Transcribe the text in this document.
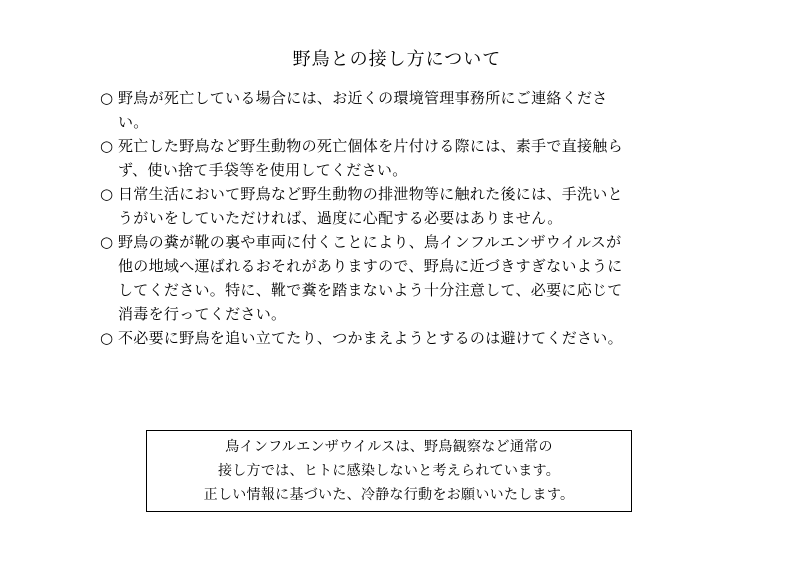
野鳥との接し方について
○ 野鳥が死亡している場合には、お近くの環境管理事務所にご連絡くださ
い。
○ 死亡した野鳥など野生動物の死亡個体を片付ける際には、素手で直接触ら
ず、使い捨て手袋等を使用してください。
○ 日常生活において野鳥など野生動物の排泄物等に触れた後には、手洗いと
うがいをしていただければ、過度に心配する必要はありません。
○ 野鳥の糞が靴の裏や車両に付くことにより、鳥インフルエンザウイルスが
他の地域へ運ばれるおそれがありますので、野鳥に近づきすぎないように
してください。特に、靴で糞を踏まないよう十分注意して、必要に応じて
消毒を行ってください。
○ 不必要に野鳥を追い立てたり、つかまえようとするのは避けてください。
鳥インフルエンザウイルスは、野鳥観察など通常の
接し方では、ヒトに感染しないと考えられています。
正しい情報に基づいた、冷静な行動をお願いいたします。
